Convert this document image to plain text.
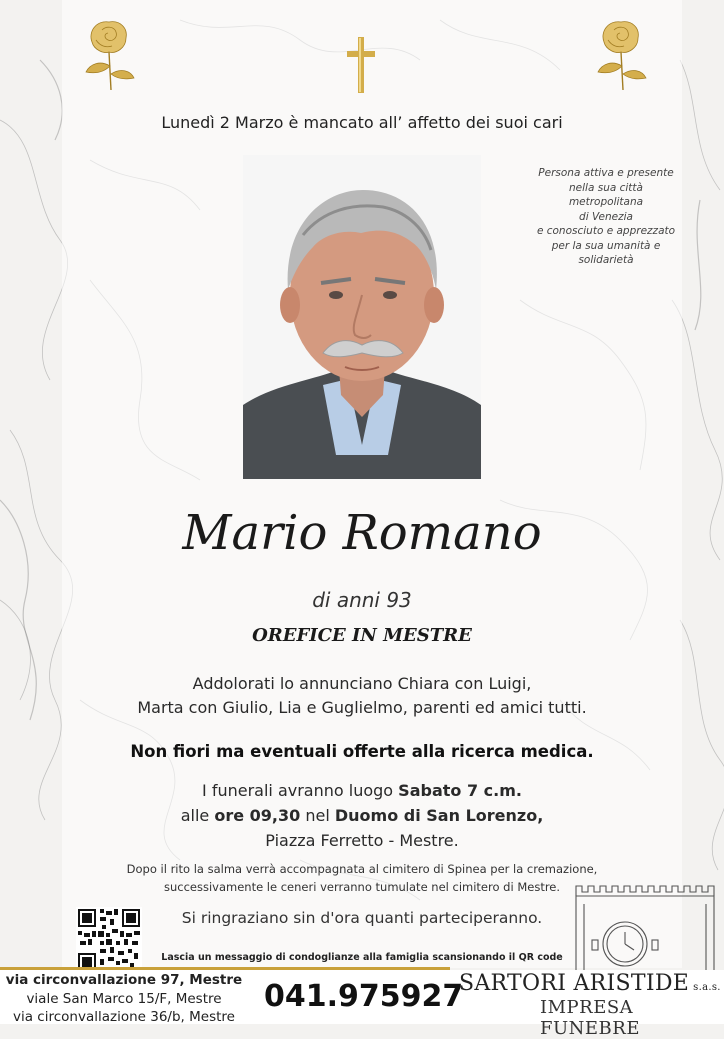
Lunedì 2 Marzo è mancato all’ affetto dei suoi cari
Persona attiva e presente
nella sua città metropolitana
di Venezia
e conosciuto e apprezzato
per la sua umanità e
solidarietà
Mario Romano
di anni 93
OREFICE IN MESTRE
Addolorati lo annunciano Chiara con Luigi,
Marta con Giulio, Lia e Guglielmo, parenti ed amici tutti.
Non fiori ma eventuali offerte alla ricerca medica.
I funerali avranno luogo Sabato 7 c.m.
alle ore 09,30 nel Duomo di San Lorenzo,
Piazza Ferretto - Mestre.
Dopo il rito la salma verrà accompagnata al cimitero di Spinea per la cremazione,
successivamente le ceneri verranno tumulate nel cimitero di Mestre.
Si ringraziano sin d'ora quanti parteciperanno.
Lascia un messaggio di condoglianze alla famiglia scansionando il QR code
via circonvallazione 97, Mestre
viale San Marco 15/F, Mestre
via circonvallazione 36/b, Mestre
041.975927
SARTORI ARISTIDE s.a.s.
IMPRESA FUNEBRE
